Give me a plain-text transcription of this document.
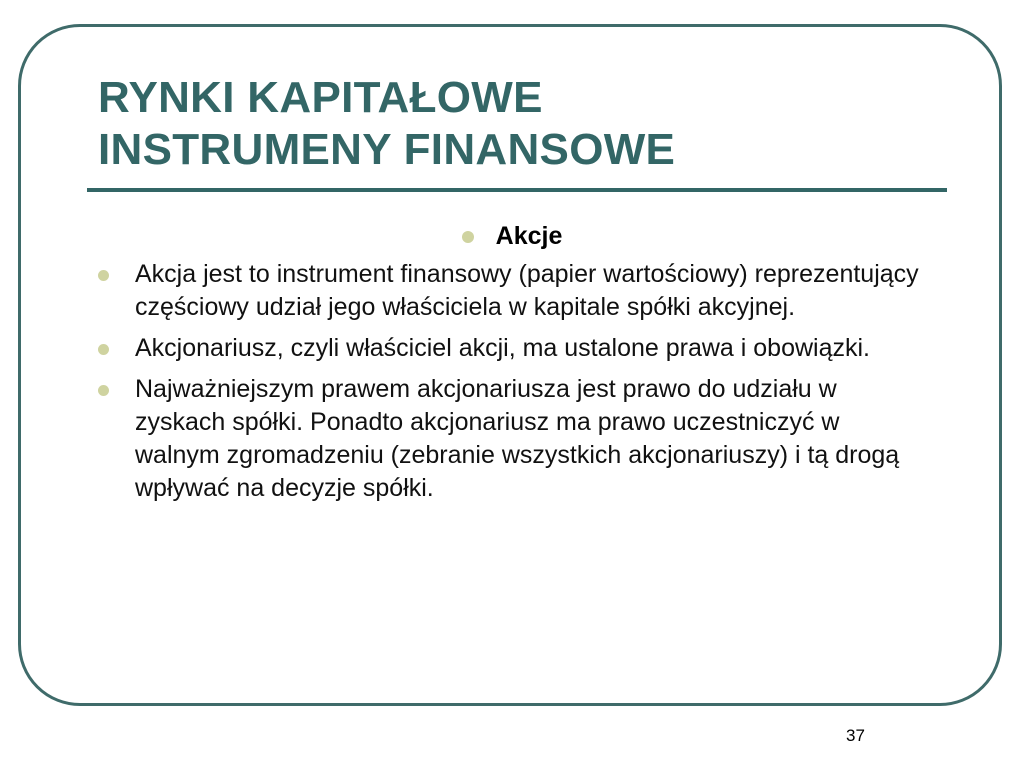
RYNKI KAPITAŁOWE
INSTRUMENY FINANSOWE
Akcje
Akcja jest to instrument finansowy (papier wartościowy) reprezentujący częściowy udział jego właściciela w kapitale spółki akcyjnej.
Akcjonariusz, czyli właściciel akcji, ma ustalone prawa i obowiązki.
Najważniejszym prawem akcjonariusza jest prawo do udziału w zyskach spółki. Ponadto akcjonariusz ma prawo uczestniczyć w walnym zgromadzeniu (zebranie wszystkich akcjonariuszy) i tą drogą wpływać na decyzje spółki.
37
